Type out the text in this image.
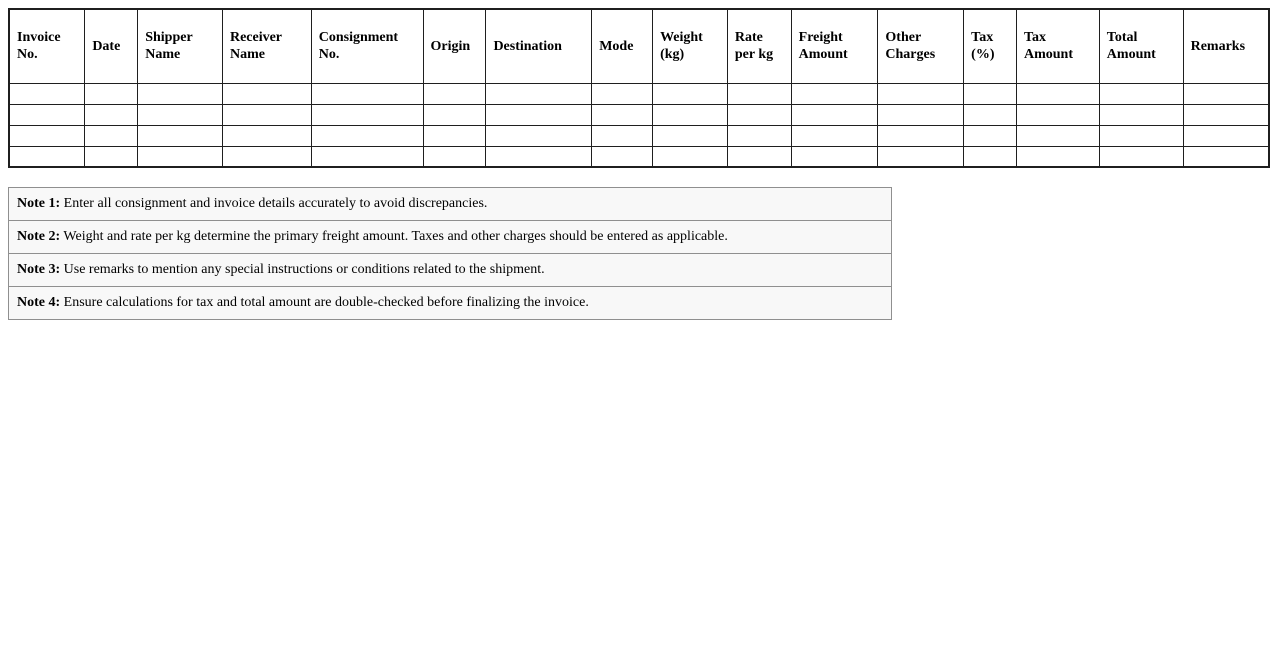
Invoice No.	Date	Shipper Name	Receiver Name	Consignment No.	Origin	Destination	Mode	Weight (kg)	Rate per kg	Freight Amount	Other Charges	Tax (%)	Tax Amount	Total Amount	Remarks

Note 1: Enter all consignment and invoice details accurately to avoid discrepancies.
Note 2: Weight and rate per kg determine the primary freight amount. Taxes and other charges should be entered as applicable.
Note 3: Use remarks to mention any special instructions or conditions related to the shipment.
Note 4: Ensure calculations for tax and total amount are double-checked before finalizing the invoice.
